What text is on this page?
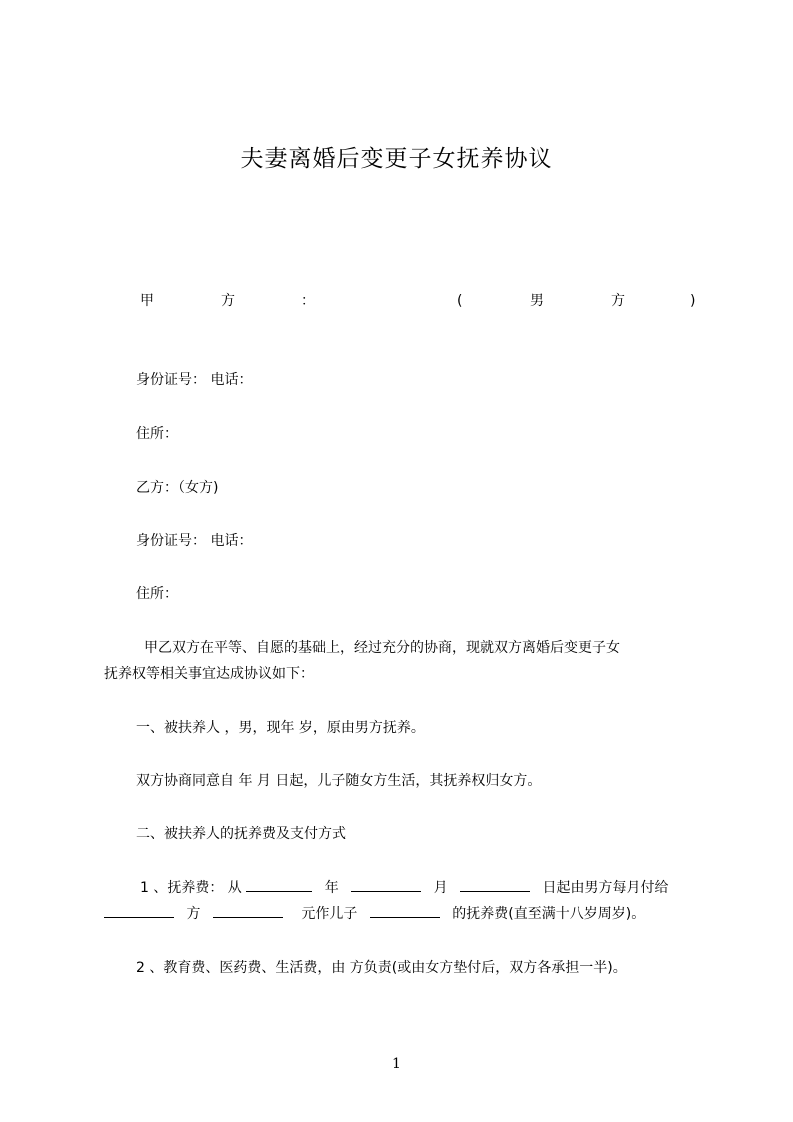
夫妻离婚后变更子女抚养协议
甲	方	：	(	男	方	)
身份证号： 电话：
住所：
乙方：（女方)
身份证号： 电话：
住所：
甲乙双方在平等、自愿的基础上，经过充分的协商，现就双方离婚后变更子女
抚养权等相关事宜达成协议如下：
一、被扶养人 ，男，现年 岁，原由男方抚养。
双方协商同意自 年 月 日起，儿子随女方生活，其抚养权归女方。
二、被扶养人的抚养费及支付方式
1 、抚养费： 从	年	月	日起由男方每月付给
方	元作儿子	的抚养费(直至满十八岁周岁)。
2 、教育费、医药费、生活费，由 方负责(或由女方垫付后，双方各承担一半)。
1
